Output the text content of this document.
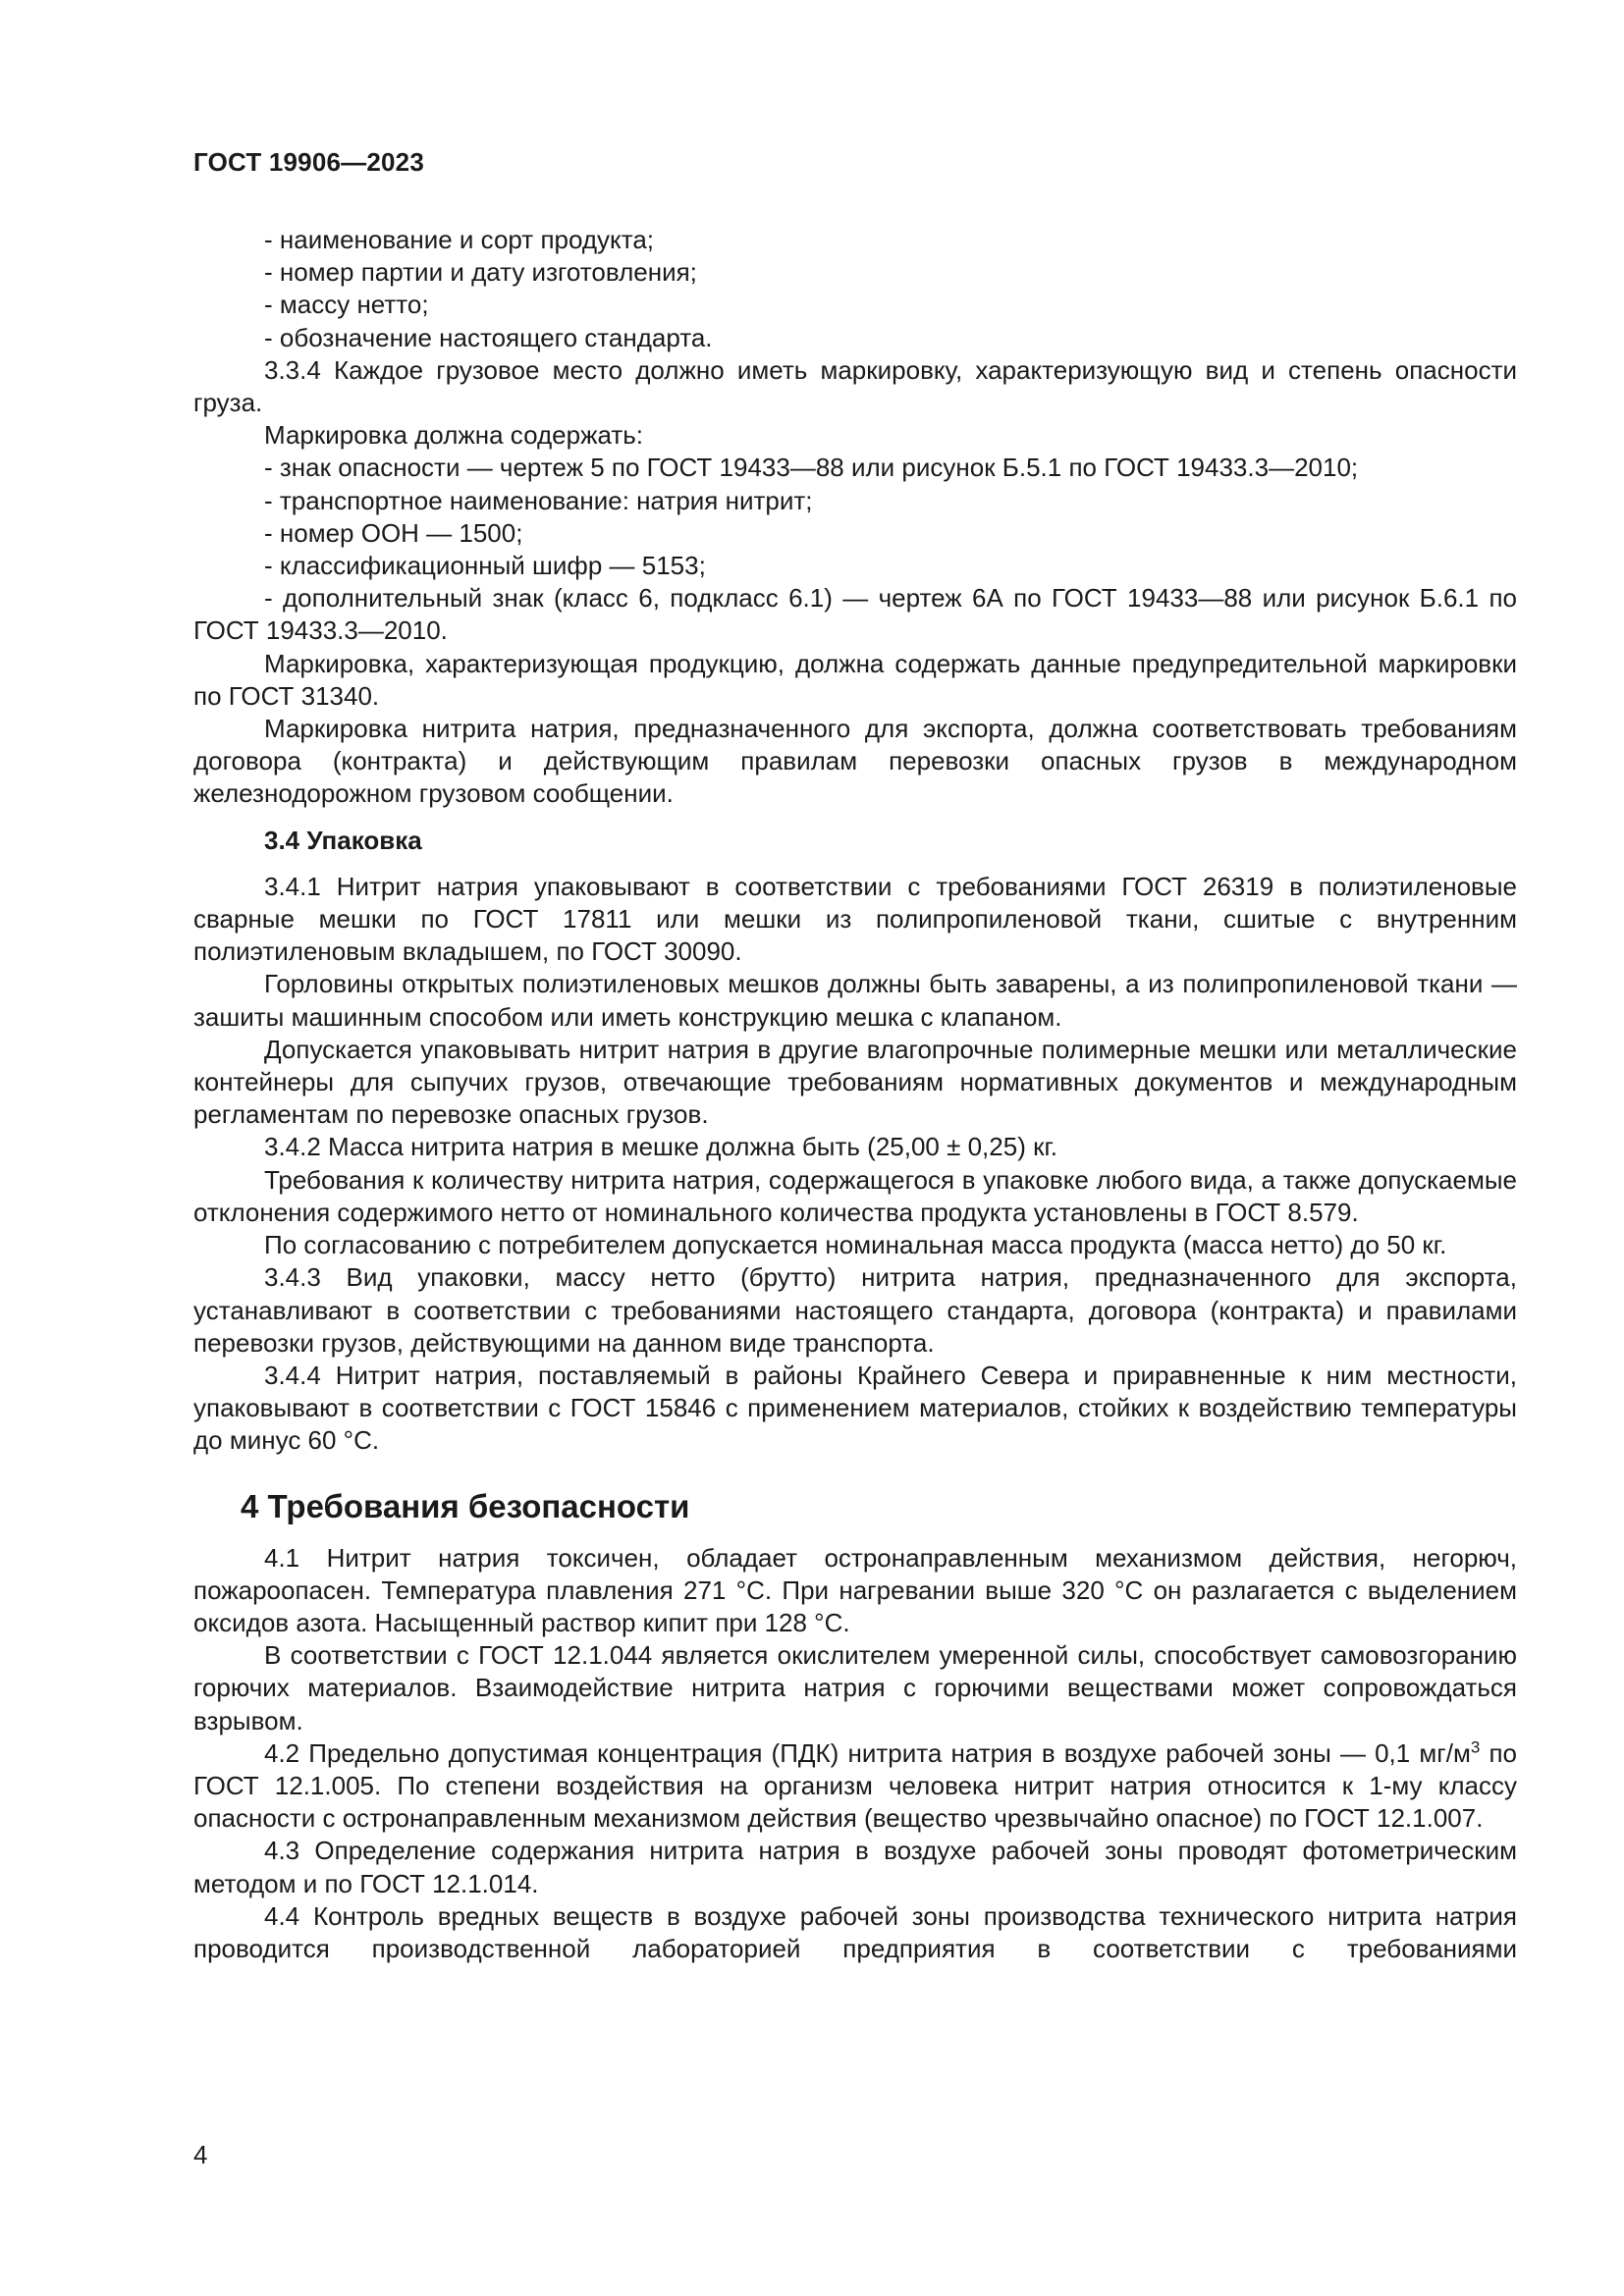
ГОСТ 19906—2023

- наименование и сорт продукта;

- номер партии и дату изготовления;

- массу нетто;

- обозначение настоящего стандарта.

3.3.4 Каждое грузовое место должно иметь маркировку, характеризующую вид и степень опасности груза.

Маркировка должна содержать:

- знак опасности — чертеж 5 по ГОСТ 19433—88 или рисунок Б.5.1 по ГОСТ 19433.3—2010;

- транспортное наименование: натрия нитрит;

- номер ООН — 1500;

- классификационный шифр — 5153;

- дополнительный знак (класс 6, подкласс 6.1) — чертеж 6А по ГОСТ 19433—88 или рисунок Б.6.1 по ГОСТ 19433.3—2010.

Маркировка, характеризующая продукцию, должна содержать данные предупредительной маркировки по ГОСТ 31340.

Маркировка нитрита натрия, предназначенного для экспорта, должна соответствовать требованиям договора (контракта) и действующим правилам перевозки опасных грузов в международном железнодорожном грузовом сообщении.

3.4 Упаковка

3.4.1 Нитрит натрия упаковывают в соответствии с требованиями ГОСТ 26319 в полиэтиленовые сварные мешки по ГОСТ 17811 или мешки из полипропиленовой ткани, сшитые с внутренним полиэтиленовым вкладышем, по ГОСТ 30090.

Горловины открытых полиэтиленовых мешков должны быть заварены, а из полипропиленовой ткани — зашиты машинным способом или иметь конструкцию мешка с клапаном.

Допускается упаковывать нитрит натрия в другие влагопрочные полимерные мешки или металлические контейнеры для сыпучих грузов, отвечающие требованиям нормативных документов и международным регламентам по перевозке опасных грузов.

3.4.2 Масса нитрита натрия в мешке должна быть (25,00 ± 0,25) кг.

Требования к количеству нитрита натрия, содержащегося в упаковке любого вида, а также допускаемые отклонения содержимого нетто от номинального количества продукта установлены в ГОСТ 8.579.

По согласованию с потребителем допускается номинальная масса продукта (масса нетто) до 50 кг.

3.4.3 Вид упаковки, массу нетто (брутто) нитрита натрия, предназначенного для экспорта, устанавливают в соответствии с требованиями настоящего стандарта, договора (контракта) и правилами перевозки грузов, действующими на данном виде транспорта.

3.4.4 Нитрит натрия, поставляемый в районы Крайнего Севера и приравненные к ним местности, упаковывают в соответствии с ГОСТ 15846 с применением материалов, стойких к воздействию температуры до минус 60 °С.

4 Требования безопасности

4.1 Нитрит натрия токсичен, обладает остронаправленным механизмом действия, негорюч, пожароопасен. Температура плавления 271 °С. При нагревании выше 320 °С он разлагается с выделением оксидов азота. Насыщенный раствор кипит при 128 °С.

В соответствии с ГОСТ 12.1.044 является окислителем умеренной силы, способствует самовозгоранию горючих материалов. Взаимодействие нитрита натрия с горючими веществами может сопровождаться взрывом.

4.2 Предельно допустимая концентрация (ПДК) нитрита натрия в воздухе рабочей зоны — 0,1 $мг/м^3$ по ГОСТ 12.1.005. По степени воздействия на организм человека нитрит натрия относится к 1-му классу опасности с остронаправленным механизмом действия (вещество чрезвычайно опасное) по ГОСТ 12.1.007.

4.3 Определение содержания нитрита натрия в воздухе рабочей зоны проводят фотометрическим методом и по ГОСТ 12.1.014.

4.4 Контроль вредных веществ в воздухе рабочей зоны производства технического нитрита натрия проводится производственной лабораторией предприятия в соответствии с требованиями

4
